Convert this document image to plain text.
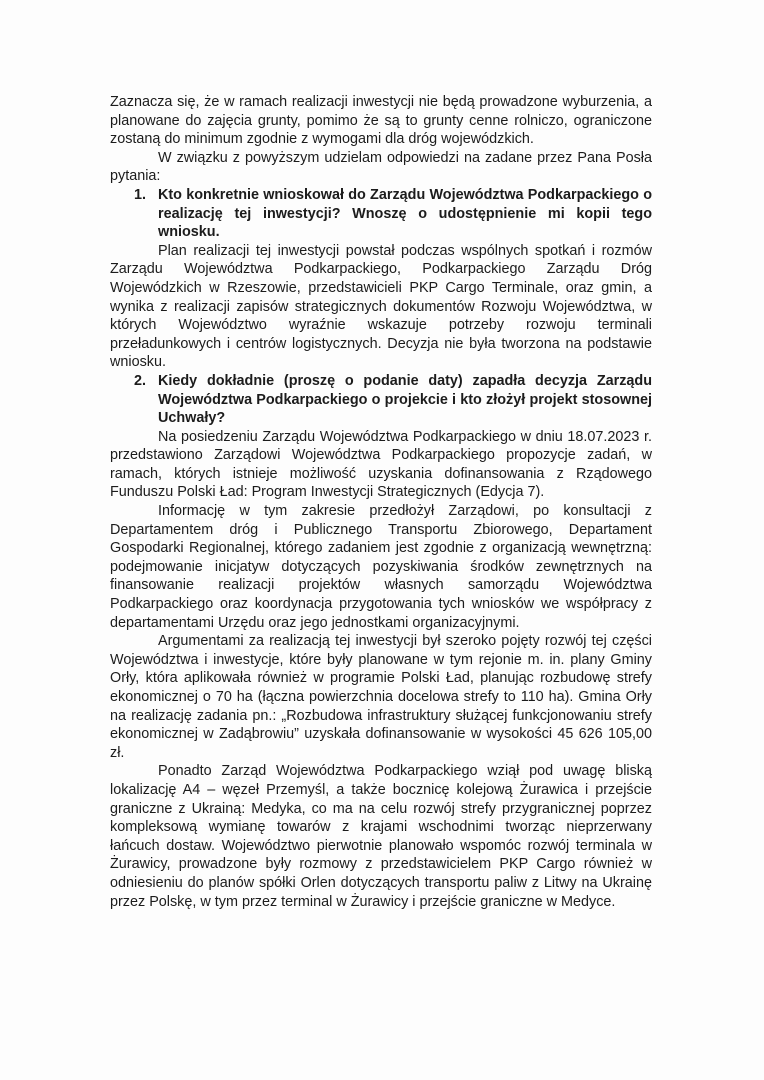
Zaznacza się, że w ramach realizacji inwestycji nie będą prowadzone wyburzenia, a planowane do zajęcia grunty, pomimo że są to grunty cenne rolniczo, ograniczone zostaną do minimum zgodnie z wymogami dla dróg wojewódzkich.

W związku z powyższym udzielam odpowiedzi na zadane przez Pana Posła pytania:

1. Kto konkretnie wnioskował do Zarządu Województwa Podkarpackiego o realizację tej inwestycji? Wnoszę o udostępnienie mi kopii tego wniosku.

Plan realizacji tej inwestycji powstał podczas wspólnych spotkań i rozmów Zarządu Województwa Podkarpackiego, Podkarpackiego Zarządu Dróg Wojewódzkich w Rzeszowie, przedstawicieli PKP Cargo Terminale, oraz gmin, a wynika z realizacji zapisów strategicznych dokumentów Rozwoju Województwa, w których Województwo wyraźnie wskazuje potrzeby rozwoju terminali przeładunkowych i centrów logistycznych. Decyzja nie była tworzona na podstawie wniosku.

2. Kiedy dokładnie (proszę o podanie daty) zapadła decyzja Zarządu Województwa Podkarpackiego o projekcie i kto złożył projekt stosownej Uchwały?

Na posiedzeniu Zarządu Województwa Podkarpackiego w dniu 18.07.2023 r. przedstawiono Zarządowi Województwa Podkarpackiego propozycje zadań, w ramach, których istnieje możliwość uzyskania dofinansowania z Rządowego Funduszu Polski Ład: Program Inwestycji Strategicznych (Edycja 7).

Informację w tym zakresie przedłożył Zarządowi, po konsultacji z Departamentem dróg i Publicznego Transportu Zbiorowego, Departament Gospodarki Regionalnej, którego zadaniem jest zgodnie z organizacją wewnętrzną: podejmowanie inicjatyw dotyczących pozyskiwania środków zewnętrznych na finansowanie realizacji projektów własnych samorządu Województwa Podkarpackiego oraz koordynacja przygotowania tych wniosków we współpracy z departamentami Urzędu oraz jego jednostkami organizacyjnymi.

Argumentami za realizacją tej inwestycji był szeroko pojęty rozwój tej części Województwa i inwestycje, które były planowane w tym rejonie m. in. plany Gminy Orły, która aplikowała również w programie Polski Ład, planując rozbudowę strefy ekonomicznej o 70 ha (łączna powierzchnia docelowa strefy to 110 ha). Gmina Orły na realizację zadania pn.: „Rozbudowa infrastruktury służącej funkcjonowaniu strefy ekonomicznej w Zadąbrowiu” uzyskała dofinansowanie w wysokości 45 626 105,00 zł.

Ponadto Zarząd Województwa Podkarpackiego wziął pod uwagę bliską lokalizację A4 – węzeł Przemyśl, a także bocznicę kolejową Żurawica i przejście graniczne z Ukrainą: Medyka, co ma na celu rozwój strefy przygranicznej poprzez kompleksową wymianę towarów z krajami wschodnimi tworząc nieprzerwany łańcuch dostaw. Województwo pierwotnie planowało wspomóc rozwój terminala w Żurawicy, prowadzone były rozmowy z przedstawicielem PKP Cargo również w odniesieniu do planów spółki Orlen dotyczących transportu paliw z Litwy na Ukrainę przez Polskę, w tym przez terminal w Żurawicy i przejście graniczne w Medyce.
